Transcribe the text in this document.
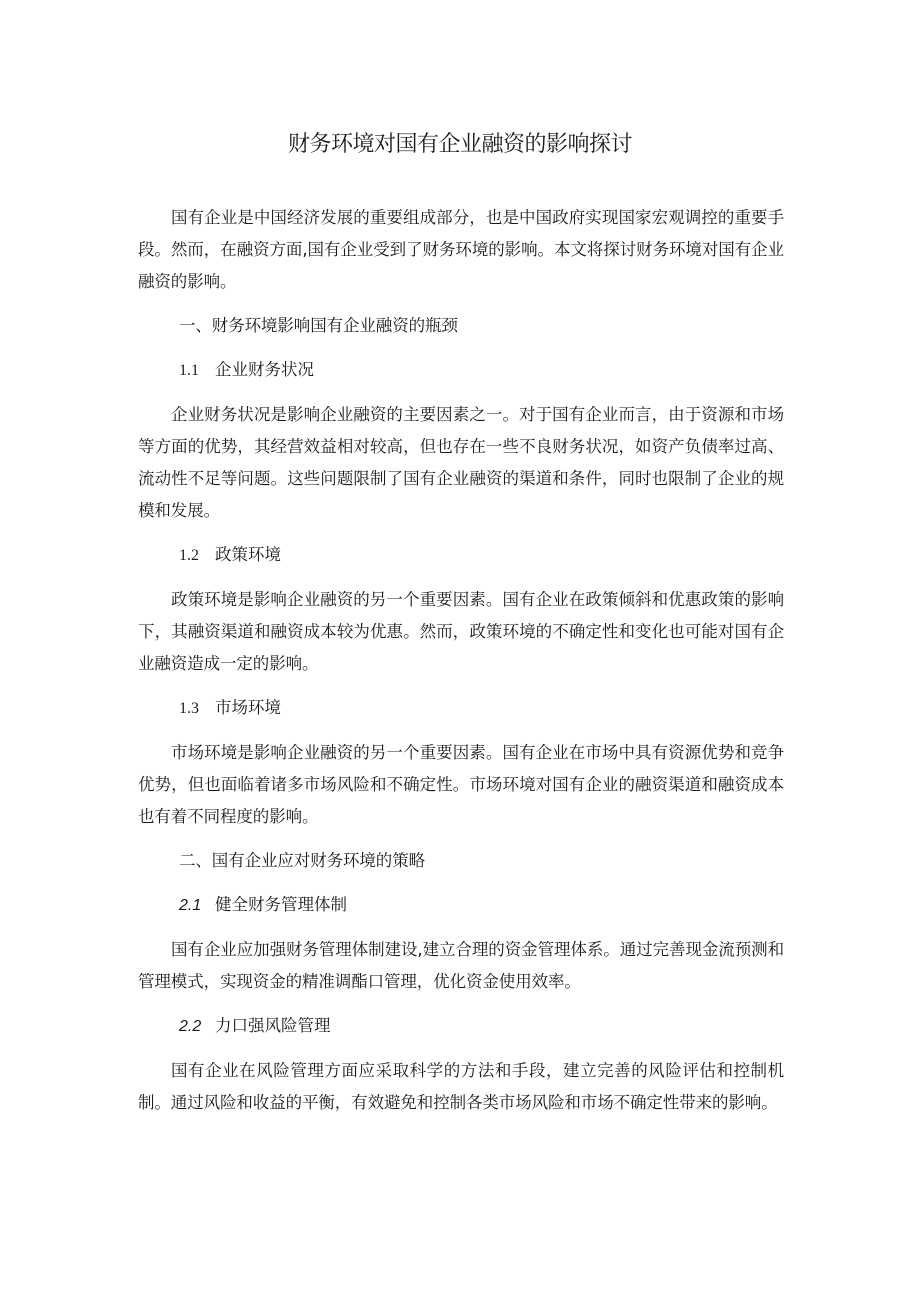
财务环境对国有企业融资的影响探讨

国有企业是中国经济发展的重要组成部分，也是中国政府实现国家宏观调控的重要手段。然而，在融资方面,国有企业受到了财务环境的影响。本文将探讨财务环境对国有企业融资的影响。

一、财务环境影响国有企业融资的瓶颈

1.1 企业财务状况

企业财务状况是影响企业融资的主要因素之一。对于国有企业而言，由于资源和市场等方面的优势，其经营效益相对较高，但也存在一些不良财务状况，如资产负债率过高、流动性不足等问题。这些问题限制了国有企业融资的渠道和条件，同时也限制了企业的规模和发展。

1.2 政策环境

政策环境是影响企业融资的另一个重要因素。国有企业在政策倾斜和优惠政策的影响下，其融资渠道和融资成本较为优惠。然而，政策环境的不确定性和变化也可能对国有企业融资造成一定的影响。

1.3 市场环境

市场环境是影响企业融资的另一个重要因素。国有企业在市场中具有资源优势和竞争优势，但也面临着诸多市场风险和不确定性。市场环境对国有企业的融资渠道和融资成本也有着不同程度的影响。

二、国有企业应对财务环境的策略

2.1 健全财务管理体制

国有企业应加强财务管理体制建设,建立合理的资金管理体系。通过完善现金流预测和管理模式，实现资金的精准调酯口管理，优化资金使用效率。

2.2 力口强风险管理

国有企业在风险管理方面应采取科学的方法和手段，建立完善的风险评估和控制机制。通过风险和收益的平衡，有效避免和控制各类市场风险和市场不确定性带来的影响。
